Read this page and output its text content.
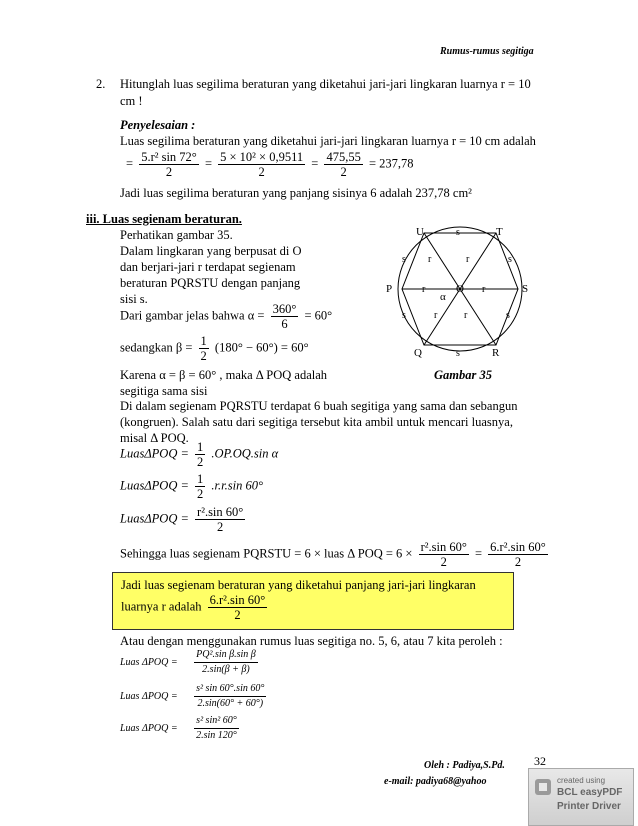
Rumus-rumus segitiga
2. Hitunglah luas segilima beraturan yang diketahui jari-jari lingkaran luarnya r = 10
cm !
Penyelesaian :
Luas segilima beraturan yang diketahui jari-jari lingkaran luarnya r = 10 cm adalah
= $\frac{\text{5.r² sin 72°}}{2} = \frac{\text{5 × 10² × 0,9511}}{2} = \frac{475,55}{2} = 237,78$
Jadi luas segilima beraturan yang panjang sisinya 6 adalah 237,78 cm²
iii. Luas segienam beraturan.
Perhatikan gambar 35.
Dalam lingkaran yang berpusat di O
dan berjari-jari r terdapat segienam
beraturan PQRSTU dengan panjang
sisi s.
Dari gambar jelas bahwa $\alpha = \frac{360^\circ}{6} = 60^\circ$
sedangkan $\beta = \frac{1}{2} (180^\circ - 60^\circ) = 60^\circ$
Karena α = β = 60° , maka Δ POQ adalah
segitiga sama sisi
Di dalam segienam PQRSTU terdapat 6 buah segitiga yang sama dan sebangun
(kongruen). Salah satu dari segitiga tersebut kita ambil untuk mencari luasnya,
misal Δ POQ.
LuasΔPOQ = $\frac{1}{2} .OP.OQ.\sin$ α
LuasΔPOQ = $\frac{1}{2} .r.r.\sin$ 60°
LuasΔPOQ = $\frac{\text{r².sin 60°}}{2}$
Sehingga luas segienam PQRSTU = 6 × luas Δ POQ = $6 \times \frac{\text{r².sin 60°}}{2} = \frac{\text{6.r².sin 60°}}{2}$
Jadi luas segienam beraturan yang diketahui panjang jari-jari lingkaran
luarnya r adalah $\frac{\text{6.r².sin 60°}}{2}$
Atau dengan menggunakan rumus luas segitiga no. 5, 6, atau 7 kita peroleh :
Luas $\Delta POQ = \frac{\text{PQ².sin β.sin β}}{2.\sin(\beta + \beta)}$
Luas $\Delta POQ = \frac{\text{s² sin 60°.sin 60°}}{2.\sin(60^\circ + 60^\circ)}$
Luas $\Delta POQ = \frac{\text{s² sin² 60°}}{2.\sin 120^\circ}$
U	T
S
R
Q
P	O
α
s
s	s
s	s
s
r	r
r	r
r	r
Gambar 35
Oleh : Padiya,S.Pd. 32
e-mail: padiya68@yahoo	created using
BCL easyPDF
Printer Driver
